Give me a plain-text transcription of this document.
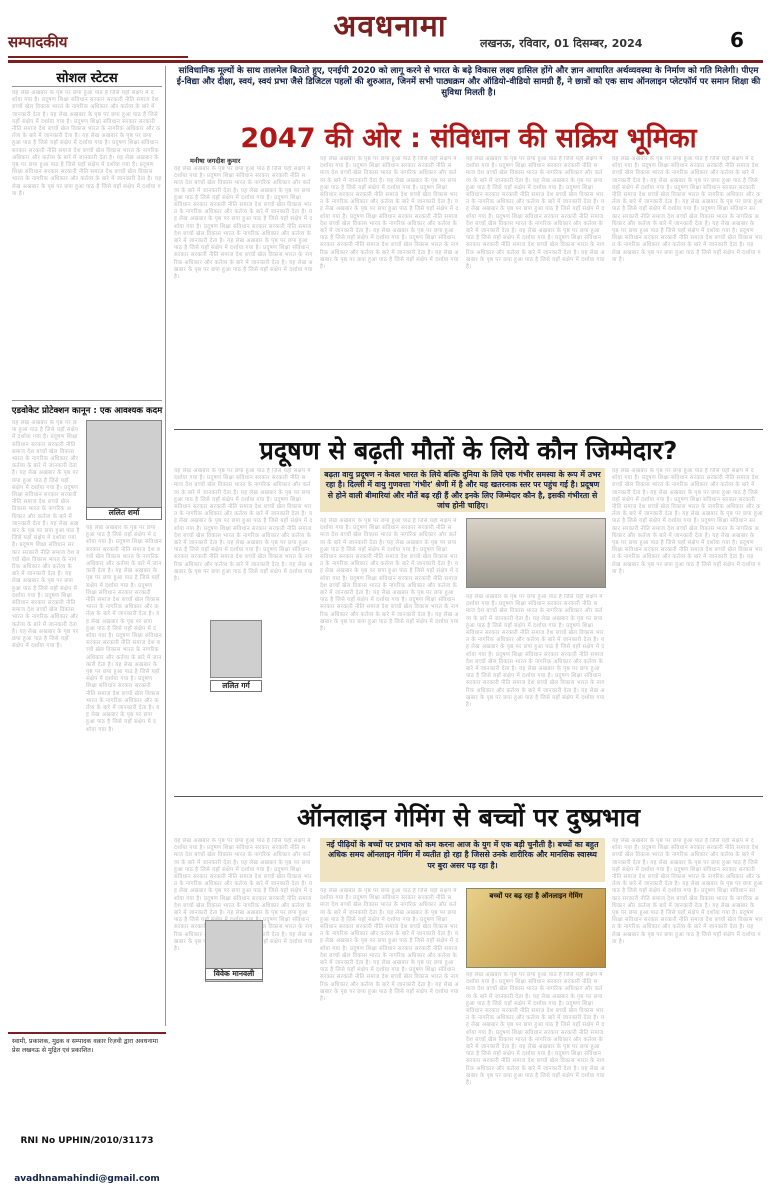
सम्पादकीय	अवधनामा	लखनऊ, रविवार, 01 दिसम्बर, 2024	6
सोशल स्टेटस
यह लेख अखबार के पृष्ठ पर छपा हुआ पाठ है जिसे यहाँ संक्षेप में दर्शाया गया है। प्रदूषण शिक्षा संविधान सरकार सरकारी नीति समाज देश बच्चों खेल विकास भारत के नागरिक अधिकार और कर्तव्य के बारे में जानकारी देता है। यह लेख अखबार के पृष्ठ पर छपा हुआ पाठ है जिसे यहाँ संक्षेप में दर्शाया गया है। प्रदूषण शिक्षा संविधान सरकार सरकारी नीति समाज देश बच्चों खेल विकास भारत के नागरिक अधिकार और कर्तव्य के बारे में जानकारी देता है। यह लेख अखबार के पृष्ठ पर छपा हुआ पाठ है जिसे यहाँ संक्षेप में दर्शाया गया है। प्रदूषण शिक्षा संविधान सरकार सरकारी नीति समाज देश बच्चों खेल विकास भारत के नागरिक अधिकार और कर्तव्य के बारे में जानकारी देता है। यह लेख अखबार के पृष्ठ पर छपा हुआ पाठ है जिसे यहाँ संक्षेप में दर्शाया गया है। प्रदूषण शिक्षा संविधान सरकार सरकारी नीति समाज देश बच्चों खेल विकास भारत के नागरिक अधिकार और कर्तव्य के बारे में जानकारी देता है। यह लेख अखबार के पृष्ठ पर छपा हुआ पाठ है जिसे यहाँ संक्षेप में दर्शाया गया है।
एडवोकेट प्रोटेक्शन कानून : एक आवश्यक कदम
यह लेख अखबार के पृष्ठ पर छपा हुआ पाठ है जिसे यहाँ संक्षेप में दर्शाया गया है। प्रदूषण शिक्षा संविधान सरकार सरकारी नीति समाज देश बच्चों खेल विकास भारत के नागरिक अधिकार और कर्तव्य के बारे में जानकारी देता है। यह लेख अखबार के पृष्ठ पर छपा हुआ पाठ है जिसे यहाँ संक्षेप में दर्शाया गया है। प्रदूषण शिक्षा संविधान सरकार सरकारी नीति समाज देश बच्चों खेल विकास भारत के नागरिक अधिकार और कर्तव्य के बारे में जानकारी देता है। यह लेख अखबार के पृष्ठ पर छपा हुआ पाठ है जिसे यहाँ संक्षेप में दर्शाया गया है। प्रदूषण शिक्षा संविधान सरकार सरकारी नीति समाज देश बच्चों खेल विकास भारत के नागरिक अधिकार और कर्तव्य के बारे में जानकारी देता है। यह लेख अखबार के पृष्ठ पर छपा हुआ पाठ है जिसे यहाँ संक्षेप में दर्शाया गया है। प्रदूषण शिक्षा संविधान सरकार सरकारी नीति समाज देश बच्चों खेल विकास भारत के नागरिक अधिकार और कर्तव्य के बारे में जानकारी देता है। यह लेख अखबार के पृष्ठ पर छपा हुआ पाठ है जिसे यहाँ संक्षेप में दर्शाया गया है।
ललित शर्मा
यह लेख अखबार के पृष्ठ पर छपा हुआ पाठ है जिसे यहाँ संक्षेप में दर्शाया गया है। प्रदूषण शिक्षा संविधान सरकार सरकारी नीति समाज देश बच्चों खेल विकास भारत के नागरिक अधिकार और कर्तव्य के बारे में जानकारी देता है। यह लेख अखबार के पृष्ठ पर छपा हुआ पाठ है जिसे यहाँ संक्षेप में दर्शाया गया है। प्रदूषण शिक्षा संविधान सरकार सरकारी नीति समाज देश बच्चों खेल विकास भारत के नागरिक अधिकार और कर्तव्य के बारे में जानकारी देता है। यह लेख अखबार के पृष्ठ पर छपा हुआ पाठ है जिसे यहाँ संक्षेप में दर्शाया गया है। प्रदूषण शिक्षा संविधान सरकार सरकारी नीति समाज देश बच्चों खेल विकास भारत के नागरिक अधिकार और कर्तव्य के बारे में जानकारी देता है। यह लेख अखबार के पृष्ठ पर छपा हुआ पाठ है जिसे यहाँ संक्षेप में दर्शाया गया है। प्रदूषण शिक्षा संविधान सरकार सरकारी नीति समाज देश बच्चों खेल विकास भारत के नागरिक अधिकार और कर्तव्य के बारे में जानकारी देता है। यह लेख अखबार के पृष्ठ पर छपा हुआ पाठ है जिसे यहाँ संक्षेप में दर्शाया गया है।
स्वामी, प्रकाशक, मुद्रक व सम्पादक वक़ार रिज़वी द्वारा अवधनामा प्रेस लखनऊ से मुद्रित एवं प्रकाशित।
RNI No UPHIN/2010/31173
avadhnamahindi@gmail.com
सांविधानिक मूल्यों के साथ तालमेल बिठाते हुए, एनईपी 2020 को लागू करने से भारत के बढ़े विकास लक्ष्य हासिल होंगे और ज्ञान आधारित अर्थव्यवस्था के निर्माण को गति मिलेगी। पीएम ई-विद्या और दीक्षा, स्वयं, स्वयं प्रभा जैसे डिजिटल पहलों की शुरुआत, जिनमें सभी पाठ्यक्रम और ऑडियो-वीडियो सामग्री हैं, ने छात्रों को एक साथ ऑनलाइन प्लेटफॉर्म पर समान शिक्षा की सुविधा मिलती है।
2047 की ओर : संविधान की सक्रिय भूमिका
मनीषा जगदीश कुमार
यह लेख अखबार के पृष्ठ पर छपा हुआ पाठ है जिसे यहाँ संक्षेप में दर्शाया गया है। प्रदूषण शिक्षा संविधान सरकार सरकारी नीति समाज देश बच्चों खेल विकास भारत के नागरिक अधिकार और कर्तव्य के बारे में जानकारी देता है। यह लेख अखबार के पृष्ठ पर छपा हुआ पाठ है जिसे यहाँ संक्षेप में दर्शाया गया है। प्रदूषण शिक्षा संविधान सरकार सरकारी नीति समाज देश बच्चों खेल विकास भारत के नागरिक अधिकार और कर्तव्य के बारे में जानकारी देता है। यह लेख अखबार के पृष्ठ पर छपा हुआ पाठ है जिसे यहाँ संक्षेप में दर्शाया गया है। प्रदूषण शिक्षा संविधान सरकार सरकारी नीति समाज देश बच्चों खेल विकास भारत के नागरिक अधिकार और कर्तव्य के बारे में जानकारी देता है। यह लेख अखबार के पृष्ठ पर छपा हुआ पाठ है जिसे यहाँ संक्षेप में दर्शाया गया है। प्रदूषण शिक्षा संविधान सरकार सरकारी नीति समाज देश बच्चों खेल विकास भारत के नागरिक अधिकार और कर्तव्य के बारे में जानकारी देता है। यह लेख अखबार के पृष्ठ पर छपा हुआ पाठ है जिसे यहाँ संक्षेप में दर्शाया गया है।
यह लेख अखबार के पृष्ठ पर छपा हुआ पाठ है जिसे यहाँ संक्षेप में दर्शाया गया है। प्रदूषण शिक्षा संविधान सरकार सरकारी नीति समाज देश बच्चों खेल विकास भारत के नागरिक अधिकार और कर्तव्य के बारे में जानकारी देता है। यह लेख अखबार के पृष्ठ पर छपा हुआ पाठ है जिसे यहाँ संक्षेप में दर्शाया गया है। प्रदूषण शिक्षा संविधान सरकार सरकारी नीति समाज देश बच्चों खेल विकास भारत के नागरिक अधिकार और कर्तव्य के बारे में जानकारी देता है। यह लेख अखबार के पृष्ठ पर छपा हुआ पाठ है जिसे यहाँ संक्षेप में दर्शाया गया है। प्रदूषण शिक्षा संविधान सरकार सरकारी नीति समाज देश बच्चों खेल विकास भारत के नागरिक अधिकार और कर्तव्य के बारे में जानकारी देता है। यह लेख अखबार के पृष्ठ पर छपा हुआ पाठ है जिसे यहाँ संक्षेप में दर्शाया गया है। प्रदूषण शिक्षा संविधान सरकार सरकारी नीति समाज देश बच्चों खेल विकास भारत के नागरिक अधिकार और कर्तव्य के बारे में जानकारी देता है। यह लेख अखबार के पृष्ठ पर छपा हुआ पाठ है जिसे यहाँ संक्षेप में दर्शाया गया है।
यह लेख अखबार के पृष्ठ पर छपा हुआ पाठ है जिसे यहाँ संक्षेप में दर्शाया गया है। प्रदूषण शिक्षा संविधान सरकार सरकारी नीति समाज देश बच्चों खेल विकास भारत के नागरिक अधिकार और कर्तव्य के बारे में जानकारी देता है। यह लेख अखबार के पृष्ठ पर छपा हुआ पाठ है जिसे यहाँ संक्षेप में दर्शाया गया है। प्रदूषण शिक्षा संविधान सरकार सरकारी नीति समाज देश बच्चों खेल विकास भारत के नागरिक अधिकार और कर्तव्य के बारे में जानकारी देता है। यह लेख अखबार के पृष्ठ पर छपा हुआ पाठ है जिसे यहाँ संक्षेप में दर्शाया गया है। प्रदूषण शिक्षा संविधान सरकार सरकारी नीति समाज देश बच्चों खेल विकास भारत के नागरिक अधिकार और कर्तव्य के बारे में जानकारी देता है। यह लेख अखबार के पृष्ठ पर छपा हुआ पाठ है जिसे यहाँ संक्षेप में दर्शाया गया है। प्रदूषण शिक्षा संविधान सरकार सरकारी नीति समाज देश बच्चों खेल विकास भारत के नागरिक अधिकार और कर्तव्य के बारे में जानकारी देता है। यह लेख अखबार के पृष्ठ पर छपा हुआ पाठ है जिसे यहाँ संक्षेप में दर्शाया गया है।
यह लेख अखबार के पृष्ठ पर छपा हुआ पाठ है जिसे यहाँ संक्षेप में दर्शाया गया है। प्रदूषण शिक्षा संविधान सरकार सरकारी नीति समाज देश बच्चों खेल विकास भारत के नागरिक अधिकार और कर्तव्य के बारे में जानकारी देता है। यह लेख अखबार के पृष्ठ पर छपा हुआ पाठ है जिसे यहाँ संक्षेप में दर्शाया गया है। प्रदूषण शिक्षा संविधान सरकार सरकारी नीति समाज देश बच्चों खेल विकास भारत के नागरिक अधिकार और कर्तव्य के बारे में जानकारी देता है। यह लेख अखबार के पृष्ठ पर छपा हुआ पाठ है जिसे यहाँ संक्षेप में दर्शाया गया है। प्रदूषण शिक्षा संविधान सरकार सरकारी नीति समाज देश बच्चों खेल विकास भारत के नागरिक अधिकार और कर्तव्य के बारे में जानकारी देता है। यह लेख अखबार के पृष्ठ पर छपा हुआ पाठ है जिसे यहाँ संक्षेप में दर्शाया गया है। प्रदूषण शिक्षा संविधान सरकार सरकारी नीति समाज देश बच्चों खेल विकास भारत के नागरिक अधिकार और कर्तव्य के बारे में जानकारी देता है। यह लेख अखबार के पृष्ठ पर छपा हुआ पाठ है जिसे यहाँ संक्षेप में दर्शाया गया है।
प्रदूषण से बढ़ती मौतों के लिये कौन जिम्मेदार?
बढ़ता वायु प्रदूषण न केवल भारत के लिये बल्कि दुनिया के लिये एक गंभीर समस्या के रूप में उभर रहा है। दिल्ली में वायु गुणवत्ता 'गंभीर' श्रेणी में है और यह खतरनाक स्तर पर पहुंच गई है। प्रदूषण से होने वाली बीमारियां और मौतें बढ़ रही हैं और इनके लिए जिम्मेदार कौन है, इसकी गंभीरता से जांच होनी चाहिए।
यह लेख अखबार के पृष्ठ पर छपा हुआ पाठ है जिसे यहाँ संक्षेप में दर्शाया गया है। प्रदूषण शिक्षा संविधान सरकार सरकारी नीति समाज देश बच्चों खेल विकास भारत के नागरिक अधिकार और कर्तव्य के बारे में जानकारी देता है। यह लेख अखबार के पृष्ठ पर छपा हुआ पाठ है जिसे यहाँ संक्षेप में दर्शाया गया है। प्रदूषण शिक्षा संविधान सरकार सरकारी नीति समाज देश बच्चों खेल विकास भारत के नागरिक अधिकार और कर्तव्य के बारे में जानकारी देता है। यह लेख अखबार के पृष्ठ पर छपा हुआ पाठ है जिसे यहाँ संक्षेप में दर्शाया गया है। प्रदूषण शिक्षा संविधान सरकार सरकारी नीति समाज देश बच्चों खेल विकास भारत के नागरिक अधिकार और कर्तव्य के बारे में जानकारी देता है। यह लेख अखबार के पृष्ठ पर छपा हुआ पाठ है जिसे यहाँ संक्षेप में दर्शाया गया है। प्रदूषण शिक्षा संविधान सरकार सरकारी नीति समाज देश बच्चों खेल विकास भारत के नागरिक अधिकार और कर्तव्य के बारे में जानकारी देता है। यह लेख अखबार के पृष्ठ पर छपा हुआ पाठ है जिसे यहाँ संक्षेप में दर्शाया गया है।
ललित गर्ग
यह लेख अखबार के पृष्ठ पर छपा हुआ पाठ है जिसे यहाँ संक्षेप में दर्शाया गया है। प्रदूषण शिक्षा संविधान सरकार सरकारी नीति समाज देश बच्चों खेल विकास भारत के नागरिक अधिकार और कर्तव्य के बारे में जानकारी देता है। यह लेख अखबार के पृष्ठ पर छपा हुआ पाठ है जिसे यहाँ संक्षेप में दर्शाया गया है। प्रदूषण शिक्षा संविधान सरकार सरकारी नीति समाज देश बच्चों खेल विकास भारत के नागरिक अधिकार और कर्तव्य के बारे में जानकारी देता है। यह लेख अखबार के पृष्ठ पर छपा हुआ पाठ है जिसे यहाँ संक्षेप में दर्शाया गया है। प्रदूषण शिक्षा संविधान सरकार सरकारी नीति समाज देश बच्चों खेल विकास भारत के नागरिक अधिकार और कर्तव्य के बारे में जानकारी देता है। यह लेख अखबार के पृष्ठ पर छपा हुआ पाठ है जिसे यहाँ संक्षेप में दर्शाया गया है। प्रदूषण शिक्षा संविधान सरकार सरकारी नीति समाज देश बच्चों खेल विकास भारत के नागरिक अधिकार और कर्तव्य के बारे में जानकारी देता है। यह लेख अखबार के पृष्ठ पर छपा हुआ पाठ है जिसे यहाँ संक्षेप में दर्शाया गया है।
यह लेख अखबार के पृष्ठ पर छपा हुआ पाठ है जिसे यहाँ संक्षेप में दर्शाया गया है। प्रदूषण शिक्षा संविधान सरकार सरकारी नीति समाज देश बच्चों खेल विकास भारत के नागरिक अधिकार और कर्तव्य के बारे में जानकारी देता है। यह लेख अखबार के पृष्ठ पर छपा हुआ पाठ है जिसे यहाँ संक्षेप में दर्शाया गया है। प्रदूषण शिक्षा संविधान सरकार सरकारी नीति समाज देश बच्चों खेल विकास भारत के नागरिक अधिकार और कर्तव्य के बारे में जानकारी देता है। यह लेख अखबार के पृष्ठ पर छपा हुआ पाठ है जिसे यहाँ संक्षेप में दर्शाया गया है। प्रदूषण शिक्षा संविधान सरकार सरकारी नीति समाज देश बच्चों खेल विकास भारत के नागरिक अधिकार और कर्तव्य के बारे में जानकारी देता है। यह लेख अखबार के पृष्ठ पर छपा हुआ पाठ है जिसे यहाँ संक्षेप में दर्शाया गया है। प्रदूषण शिक्षा संविधान सरकार सरकारी नीति समाज देश बच्चों खेल विकास भारत के नागरिक अधिकार और कर्तव्य के बारे में जानकारी देता है। यह लेख अखबार के पृष्ठ पर छपा हुआ पाठ है जिसे यहाँ संक्षेप में दर्शाया गया है।
यह लेख अखबार के पृष्ठ पर छपा हुआ पाठ है जिसे यहाँ संक्षेप में दर्शाया गया है। प्रदूषण शिक्षा संविधान सरकार सरकारी नीति समाज देश बच्चों खेल विकास भारत के नागरिक अधिकार और कर्तव्य के बारे में जानकारी देता है। यह लेख अखबार के पृष्ठ पर छपा हुआ पाठ है जिसे यहाँ संक्षेप में दर्शाया गया है। प्रदूषण शिक्षा संविधान सरकार सरकारी नीति समाज देश बच्चों खेल विकास भारत के नागरिक अधिकार और कर्तव्य के बारे में जानकारी देता है। यह लेख अखबार के पृष्ठ पर छपा हुआ पाठ है जिसे यहाँ संक्षेप में दर्शाया गया है। प्रदूषण शिक्षा संविधान सरकार सरकारी नीति समाज देश बच्चों खेल विकास भारत के नागरिक अधिकार और कर्तव्य के बारे में जानकारी देता है। यह लेख अखबार के पृष्ठ पर छपा हुआ पाठ है जिसे यहाँ संक्षेप में दर्शाया गया है। प्रदूषण शिक्षा संविधान सरकार सरकारी नीति समाज देश बच्चों खेल विकास भारत के नागरिक अधिकार और कर्तव्य के बारे में जानकारी देता है। यह लेख अखबार के पृष्ठ पर छपा हुआ पाठ है जिसे यहाँ संक्षेप में दर्शाया गया है।
ऑनलाइन गेमिंग से बच्चों पर दुष्प्रभाव
नई पीढ़ियों के बच्चों पर प्रभाव को कम करना आज के युग में एक बड़ी चुनौती है। बच्चों का बहुत अधिक समय ऑनलाइन गेमिंग में व्यतीत हो रहा है जिससे उनके शारीरिक और मानसिक स्वास्थ्य पर बुरा असर पड़ रहा है।
यह लेख अखबार के पृष्ठ पर छपा हुआ पाठ है जिसे यहाँ संक्षेप में दर्शाया गया है। प्रदूषण शिक्षा संविधान सरकार सरकारी नीति समाज देश बच्चों खेल विकास भारत के नागरिक अधिकार और कर्तव्य के बारे में जानकारी देता है। यह लेख अखबार के पृष्ठ पर छपा हुआ पाठ है जिसे यहाँ संक्षेप में दर्शाया गया है। प्रदूषण शिक्षा संविधान सरकार सरकारी नीति समाज देश बच्चों खेल विकास भारत के नागरिक अधिकार और कर्तव्य के बारे में जानकारी देता है। यह लेख अखबार के पृष्ठ पर छपा हुआ पाठ है जिसे यहाँ संक्षेप में दर्शाया गया है। प्रदूषण शिक्षा संविधान सरकार सरकारी नीति समाज देश बच्चों खेल विकास भारत के नागरिक अधिकार और कर्तव्य के बारे में जानकारी देता है। यह लेख अखबार के पृष्ठ पर छपा हुआ पाठ है जिसे यहाँ संक्षेप में दर्शाया गया है। प्रदूषण शिक्षा संविधान सरकार सरकारी नीति समाज देश बच्चों खेल विकास भारत के नागरिक अधिकार और कर्तव्य के बारे में जानकारी देता है। यह लेख अखबार के पृष्ठ पर छपा हुआ पाठ है जिसे यहाँ संक्षेप में दर्शाया गया है।
विवेक मानवली
यह लेख अखबार के पृष्ठ पर छपा हुआ पाठ है जिसे यहाँ संक्षेप में दर्शाया गया है। प्रदूषण शिक्षा संविधान सरकार सरकारी नीति समाज देश बच्चों खेल विकास भारत के नागरिक अधिकार और कर्तव्य के बारे में जानकारी देता है। यह लेख अखबार के पृष्ठ पर छपा हुआ पाठ है जिसे यहाँ संक्षेप में दर्शाया गया है। प्रदूषण शिक्षा संविधान सरकार सरकारी नीति समाज देश बच्चों खेल विकास भारत के नागरिक अधिकार और कर्तव्य के बारे में जानकारी देता है। यह लेख अखबार के पृष्ठ पर छपा हुआ पाठ है जिसे यहाँ संक्षेप में दर्शाया गया है। प्रदूषण शिक्षा संविधान सरकार सरकारी नीति समाज देश बच्चों खेल विकास भारत के नागरिक अधिकार और कर्तव्य के बारे में जानकारी देता है। यह लेख अखबार के पृष्ठ पर छपा हुआ पाठ है जिसे यहाँ संक्षेप में दर्शाया गया है। प्रदूषण शिक्षा संविधान सरकार सरकारी नीति समाज देश बच्चों खेल विकास भारत के नागरिक अधिकार और कर्तव्य के बारे में जानकारी देता है। यह लेख अखबार के पृष्ठ पर छपा हुआ पाठ है जिसे यहाँ संक्षेप में दर्शाया गया है।
बच्चों पर बढ़ रहा है ऑनलाइन गेमिंग
यह लेख अखबार के पृष्ठ पर छपा हुआ पाठ है जिसे यहाँ संक्षेप में दर्शाया गया है। प्रदूषण शिक्षा संविधान सरकार सरकारी नीति समाज देश बच्चों खेल विकास भारत के नागरिक अधिकार और कर्तव्य के बारे में जानकारी देता है। यह लेख अखबार के पृष्ठ पर छपा हुआ पाठ है जिसे यहाँ संक्षेप में दर्शाया गया है। प्रदूषण शिक्षा संविधान सरकार सरकारी नीति समाज देश बच्चों खेल विकास भारत के नागरिक अधिकार और कर्तव्य के बारे में जानकारी देता है। यह लेख अखबार के पृष्ठ पर छपा हुआ पाठ है जिसे यहाँ संक्षेप में दर्शाया गया है। प्रदूषण शिक्षा संविधान सरकार सरकारी नीति समाज देश बच्चों खेल विकास भारत के नागरिक अधिकार और कर्तव्य के बारे में जानकारी देता है। यह लेख अखबार के पृष्ठ पर छपा हुआ पाठ है जिसे यहाँ संक्षेप में दर्शाया गया है। प्रदूषण शिक्षा संविधान सरकार सरकारी नीति समाज देश बच्चों खेल विकास भारत के नागरिक अधिकार और कर्तव्य के बारे में जानकारी देता है। यह लेख अखबार के पृष्ठ पर छपा हुआ पाठ है जिसे यहाँ संक्षेप में दर्शाया गया है।
यह लेख अखबार के पृष्ठ पर छपा हुआ पाठ है जिसे यहाँ संक्षेप में दर्शाया गया है। प्रदूषण शिक्षा संविधान सरकार सरकारी नीति समाज देश बच्चों खेल विकास भारत के नागरिक अधिकार और कर्तव्य के बारे में जानकारी देता है। यह लेख अखबार के पृष्ठ पर छपा हुआ पाठ है जिसे यहाँ संक्षेप में दर्शाया गया है। प्रदूषण शिक्षा संविधान सरकार सरकारी नीति समाज देश बच्चों खेल विकास भारत के नागरिक अधिकार और कर्तव्य के बारे में जानकारी देता है। यह लेख अखबार के पृष्ठ पर छपा हुआ पाठ है जिसे यहाँ संक्षेप में दर्शाया गया है। प्रदूषण शिक्षा संविधान सरकार सरकारी नीति समाज देश बच्चों खेल विकास भारत के नागरिक अधिकार और कर्तव्य के बारे में जानकारी देता है। यह लेख अखबार के पृष्ठ पर छपा हुआ पाठ है जिसे यहाँ संक्षेप में दर्शाया गया है। प्रदूषण शिक्षा संविधान सरकार सरकारी नीति समाज देश बच्चों खेल विकास भारत के नागरिक अधिकार और कर्तव्य के बारे में जानकारी देता है। यह लेख अखबार के पृष्ठ पर छपा हुआ पाठ है जिसे यहाँ संक्षेप में दर्शाया गया है।
